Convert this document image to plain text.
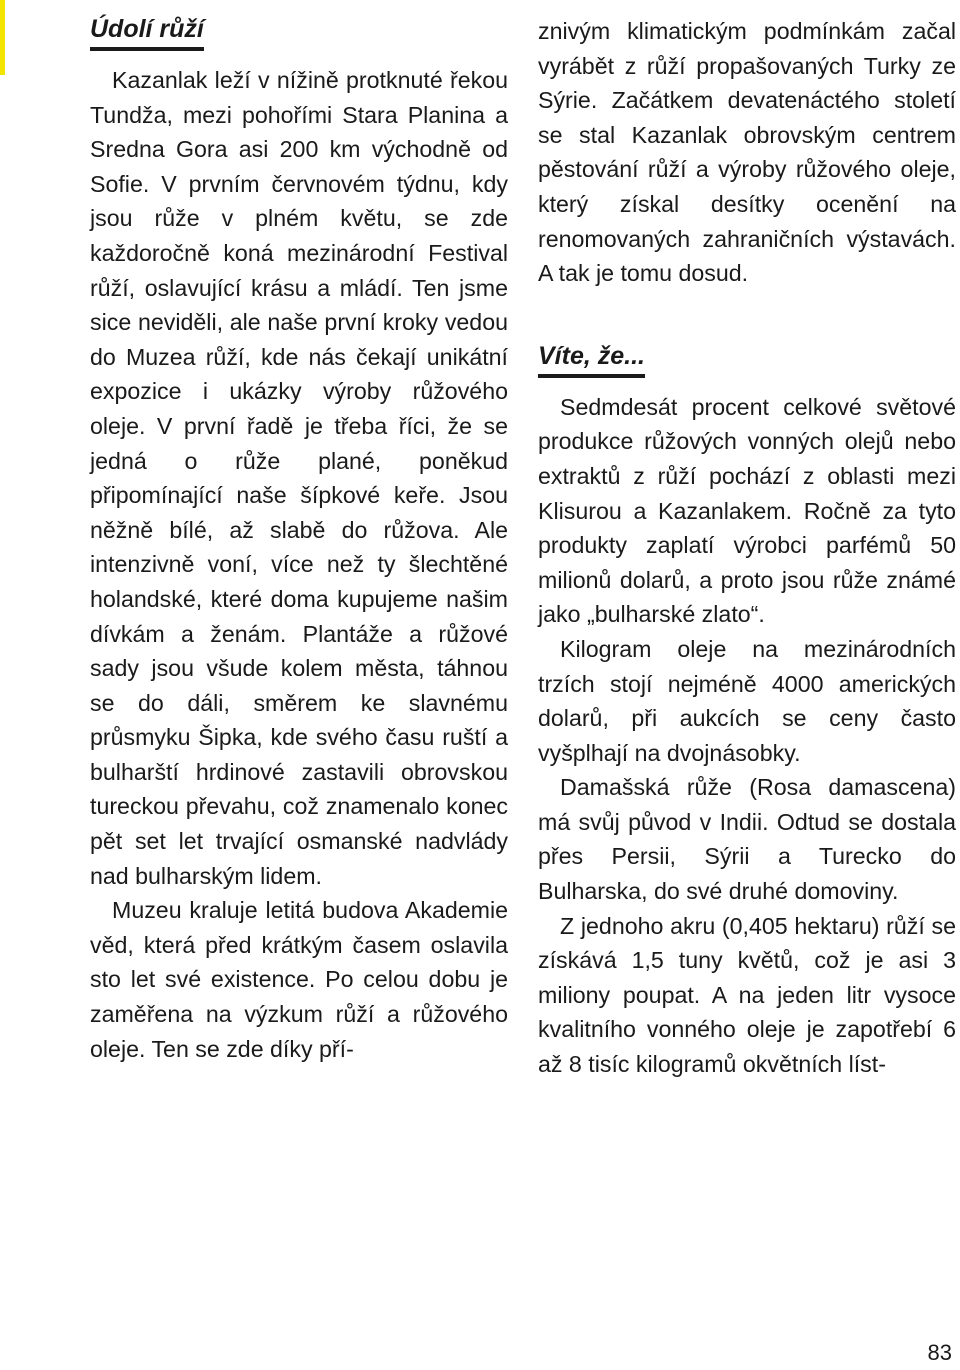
Údolí růží

Kazanlak leží v nížině protknuté řekou Tundža, mezi pohořími Stara Planina a Sredna Gora asi 200 km východně od Sofie. V prvním červnovém týdnu, kdy jsou růže v plném květu, se zde každoročně koná mezinárodní Festival růží, oslavující krásu a mládí. Ten jsme sice neviděli, ale naše první kroky vedou do Muzea růží, kde nás čekají unikátní expozice i ukázky výroby růžového oleje. V první řadě je třeba říci, že se jedná o růže plané, poněkud připomínající naše šípkové keře. Jsou něžně bílé, až slabě do růžova. Ale intenzivně voní, více než ty šlechtěné holandské, které doma kupujeme našim dívkám a ženám. Plantáže a růžové sady jsou všude kolem města, táhnou se do dáli, směrem ke slavnému průsmyku Šipka, kde svého času ruští a bulharští hrdinové zastavili obrovskou tureckou převahu, což znamenalo konec pět set let trvající osmanské nadvlády nad bulharským lidem.

Muzeu kraluje letitá budova Akademie věd, která před krátkým časem oslavila sto let své existence. Po celou dobu je zaměřena na výzkum růží a růžového oleje. Ten se zde díky pří-

znivým klimatickým podmínkám začal vyrábět z růží propašovaných Turky ze Sýrie. Začátkem devatenáctého století se stal Kazanlak obrovským centrem pěstování růží a výroby růžového oleje, který získal desítky ocenění na renomovaných zahraničních výstavách. A tak je tomu dosud.

Víte, že...

Sedmdesát procent celkové světové produkce růžových vonných olejů nebo extraktů z růží pochází z oblasti mezi Klisurou a Kazanlakem. Ročně za tyto produkty zaplatí výrobci parfémů 50 milionů dolarů, a proto jsou růže známé jako „bulharské zlato“.

Kilogram oleje na mezinárodních trzích stojí nejméně 4000 amerických dolarů, při aukcích se ceny často vyšplhají na dvojnásobky.

Damašská růže (Rosa damascena) má svůj původ v Indii. Odtud se dostala přes Persii, Sýrii a Turecko do Bulharska, do své druhé domoviny.

Z jednoho akru (0,405 hektaru) růží se získává 1,5 tuny květů, což je asi 3 miliony poupat. A na jeden litr vysoce kvalitního vonného oleje je zapotřebí 6 až 8 tisíc kilogramů okvětních líst-

83
